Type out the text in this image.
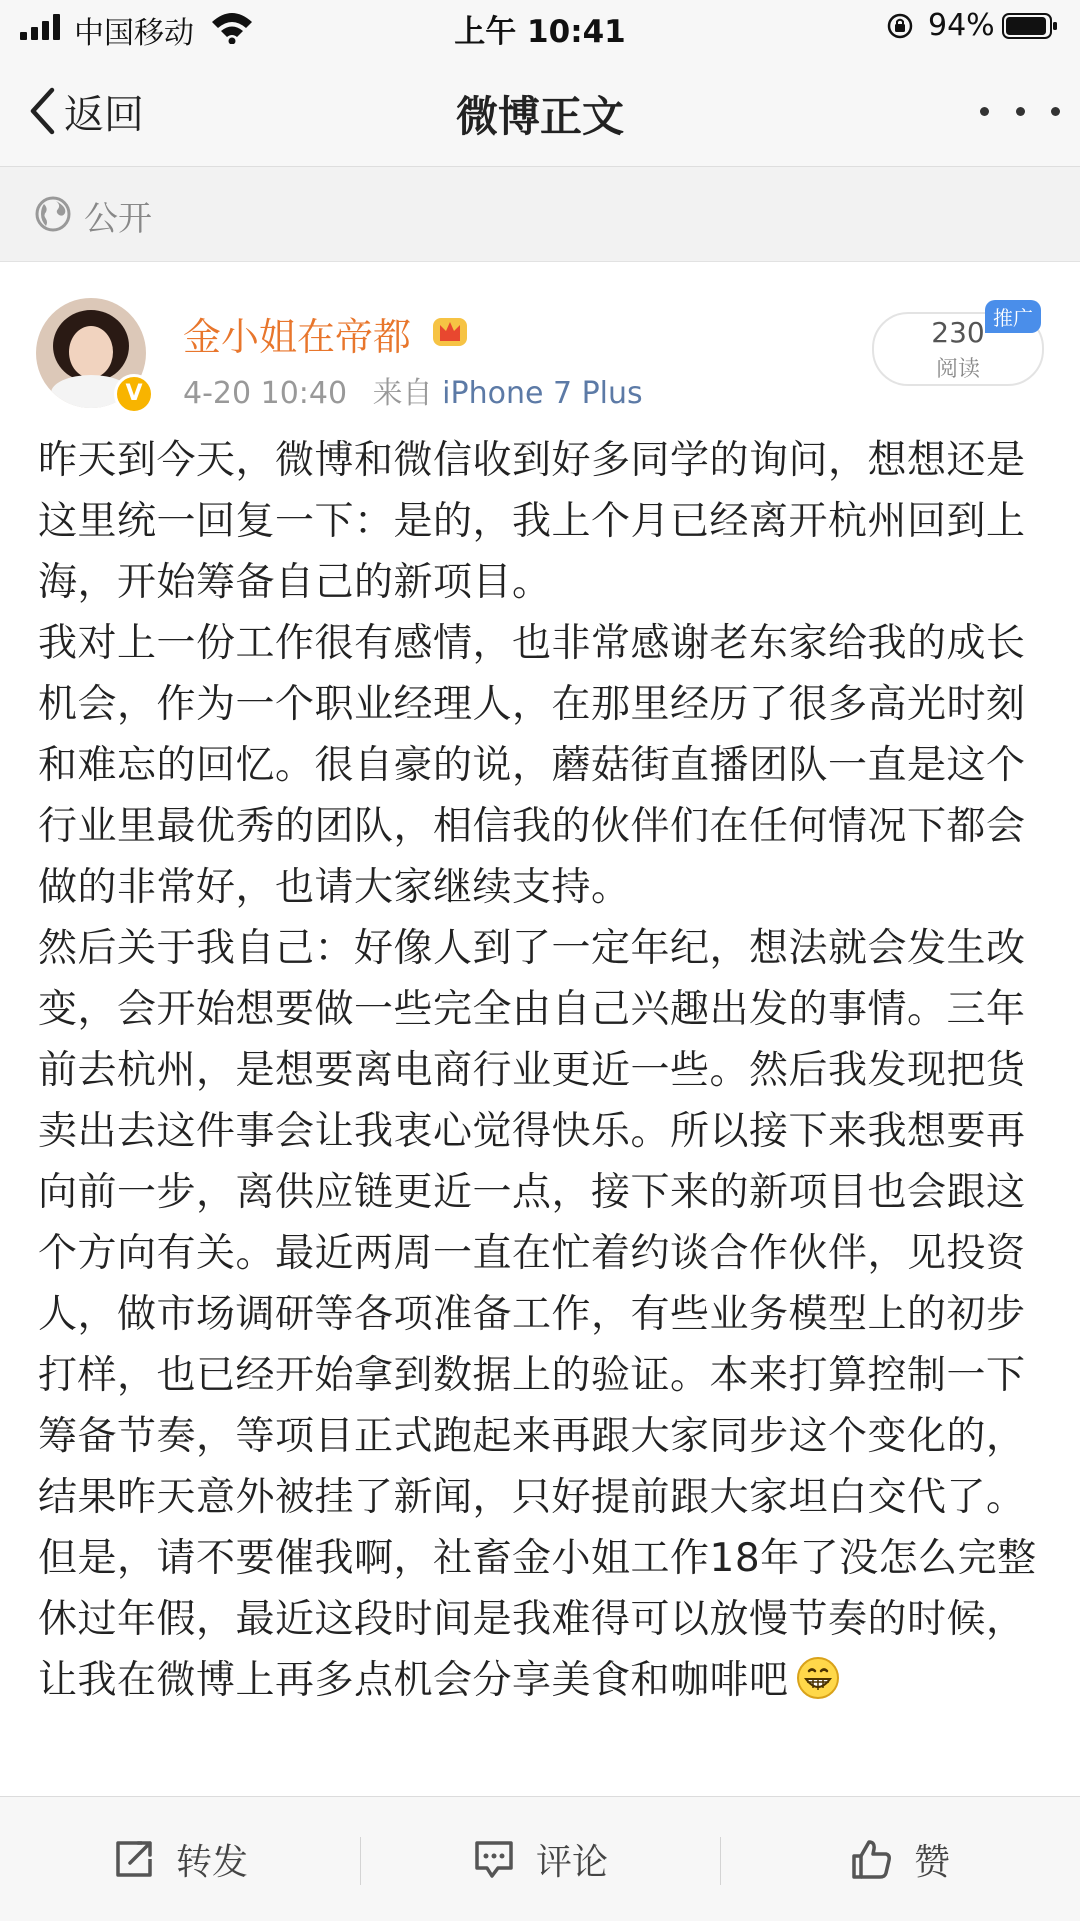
中国移动	上午 10:41	94%
返回	微博正文
公开
V
金小姐在帝都
4-20 10:40 来自 iPhone 7 Plus
230
阅读
推广
昨天到今天，微博和微信收到好多同学的询问，想想还是这里统一回复一下：是的，我上个月已经离开杭州回到上海，开始筹备自己的新项目。
我对上一份工作很有感情，也非常感谢老东家给我的成长机会，作为一个职业经理人，在那里经历了很多高光时刻和难忘的回忆。很自豪的说，蘑菇街直播团队一直是这个行业里最优秀的团队，相信我的伙伴们在任何情况下都会做的非常好，也请大家继续支持。
然后关于我自己：好像人到了一定年纪，想法就会发生改变，会开始想要做一些完全由自己兴趣出发的事情。三年前去杭州，是想要离电商行业更近一些。然后我发现把货卖出去这件事会让我衷心觉得快乐。所以接下来我想要再向前一步，离供应链更近一点，接下来的新项目也会跟这个方向有关。最近两周一直在忙着约谈合作伙伴，见投资人，做市场调研等各项准备工作，有些业务模型上的初步打样，也已经开始拿到数据上的验证。本来打算控制一下筹备节奏，等项目正式跑起来再跟大家同步这个变化的，结果昨天意外被挂了新闻，只好提前跟大家坦白交代了。但是，请不要催我啊，社畜金小姐工作18年了没怎么完整休过年假，最近这段时间是我难得可以放慢节奏的时候，让我在微博上再多点机会分享美食和咖啡吧
转发	评论	赞
